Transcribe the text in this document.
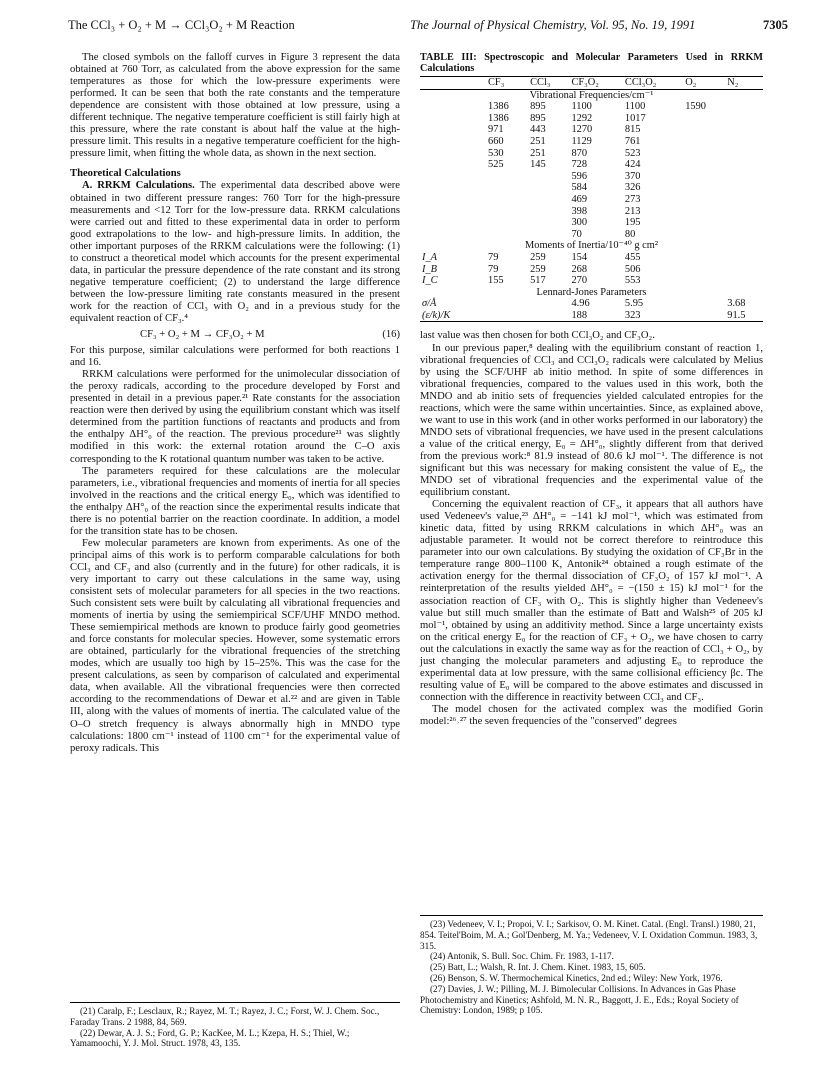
The CCl₃ + O₂ + M → CCl₃O₂ + M Reaction	The Journal of Physical Chemistry, Vol. 95, No. 19, 1991	7305

The closed symbols on the falloff curves in Figure 3 represent the data obtained at 760 Torr, as calculated from the above expression for the same temperatures as those for which the low-pressure experiments were performed. It can be seen that both the rate constants and the temperature dependence are consistent with those obtained at low pressure, using a different technique. The negative temperature coefficient is still fairly high at this pressure, where the rate constant is about half the value at the high-pressure limit. This results in a negative temperature coefficient for the high-pressure limit, when fitting the whole data, as shown in the next section.

Theoretical Calculations

A. RRKM Calculations. The experimental data described above were obtained in two different pressure ranges: 760 Torr for the high-pressure measurements and <12 Torr for the low-pressure data. RRKM calculations were carried out and fitted to these experimental data in order to perform good extrapolations to the low- and high-pressure limits. In addition, the other important purposes of the RRKM calculations were the following: (1) to construct a theoretical model which accounts for the present experimental data, in particular the pressure dependence of the rate constant and its strong negative temperature coefficient; (2) to understand the large difference between the low-pressure limiting rate constants measured in the present work for the reaction of CCl₃ with O₂ and in a previous study for the equivalent reaction of CF₃.⁴

CF₃ + O₂ + M → CF₃O₂ + M	(16)

For this purpose, similar calculations were performed for both reactions 1 and 16.

RRKM calculations were performed for the unimolecular dissociation of the peroxy radicals, according to the procedure developed by Forst and presented in detail in a previous paper.²¹ Rate constants for the association reaction were then derived by using the equilibrium constant which was itself determined from the partition functions of reactants and products and from the enthalpy ΔH°₀ of the reaction. The previous procedure²¹ was slightly modified in this work: the external rotation around the C–O axis corresponding to the K rotational quantum number was taken to be active.

The parameters required for these calculations are the molecular parameters, i.e., vibrational frequencies and moments of inertia for all species involved in the reactions and the critical energy E₀, which was identified to the enthalpy ΔH°₀ of the reaction since the experimental results indicate that there is no potential barrier on the reaction coordinate. In addition, a model for the transition state has to be chosen.

Few molecular parameters are known from experiments. As one of the principal aims of this work is to perform comparable calculations for both CCl₃ and CF₃ and also (currently and in the future) for other radicals, it is very important to carry out these calculations in the same way, using consistent sets of molecular parameters for all species in the two reactions. Such consistent sets were built by calculating all vibrational frequencies and moments of inertia by using the semiempirical SCF/UHF MNDO method. These semiempirical methods are known to produce fairly good geometries and force constants for molecular species. However, some systematic errors are obtained, particularly for the vibrational frequencies of the stretching modes, which are usually too high by 15–25%. This was the case for the present calculations, as seen by comparison of calculated and experimental data, when available. All the vibrational frequencies were then corrected according to the recommendations of Dewar et al.²² and are given in Table III, along with the values of moments of inertia. The calculated value of the O–O stretch frequency is always abnormally high in MNDO type calculations: 1800 cm⁻¹ instead of 1100 cm⁻¹ for the experimental value of peroxy radicals. This

(21) Caralp, F.; Lesclaux, R.; Rayez, M. T.; Rayez, J. C.; Forst, W. J. Chem. Soc., Faraday Trans. 2 1988, 84, 569.
(22) Dewar, A. J. S.; Ford, G. P.; KacKee, M. L.; Kzepa, H. S.; Thiel, W.; Yamamoochi, Y. J. Mol. Struct. 1978, 43, 135.
TABLE III: Spectroscopic and Molecular Parameters Used in RRKM Calculations
	CF₃	CCl₃	CF₃O₂	CCl₃O₂	O₂	N₂
Vibrational Frequencies/cm⁻¹						
	1386	895	1100	1100	1590	
	1386	895	1292	1017		
	971	443	1270	815		
	660	251	1129	761		
	530	251	870	523		
	525	145	728	424		
			596	370		
			584	326		
			469	273		
			398	213		
			300	195		
			70	80		
Moments of Inertia/10⁻⁴⁰ g cm²						
I_A	79	259	154	455		
I_B	79	259	268	506		
I_C	155	517	270	553		
Lennard-Jones Parameters						
σ/Å			4.96	5.95		3.68
(ε/k)/K			188	323		91.5

last value was then chosen for both CCl₃O₂ and CF₃O₂.

In our previous paper,⁸ dealing with the equilibrium constant of reaction 1, vibrational frequencies of CCl₃ and CCl₃O₂ radicals were calculated by Melius by using the SCF/UHF ab initio method. In spite of some differences in vibrational frequencies, compared to the values used in this work, both the MNDO and ab initio sets of frequencies yielded calculated entropies for the reactions, which were the same within uncertainties. Since, as explained above, we want to use in this work (and in other works performed in our laboratory) the MNDO sets of vibrational frequencies, we have used in the present calculations a value of the critical energy, E₀ = ΔH°₀, slightly different from that derived from the previous work:⁸ 81.9 instead of 80.6 kJ mol⁻¹. The difference is not significant but this was necessary for making consistent the value of E₀, the MNDO set of vibrational frequencies and the experimental value of the equilibrium constant.

Concerning the equivalent reaction of CF₃, it appears that all authors have used Vedeneev's value,²³ ΔH°₀ = −141 kJ mol⁻¹, which was estimated from kinetic data, fitted by using RRKM calculations in which ΔH°₀ was an adjustable parameter. It would not be correct therefore to reintroduce this parameter into our own calculations. By studying the oxidation of CF₃Br in the temperature range 800–1100 K, Antonik²⁴ obtained a rough estimate of the activation energy for the thermal dissociation of CF₃O₂ of 157 kJ mol⁻¹. A reinterpretation of the results yielded ΔH°₀ = −(150 ± 15) kJ mol⁻¹ for the association reaction of CF₃ with O₂. This is slightly higher than Vedeneev's value but still much smaller than the estimate of Batt and Walsh²⁵ of 205 kJ mol⁻¹, obtained by using an additivity method. Since a large uncertainty exists on the critical energy E₀ for the reaction of CF₃ + O₂, we have chosen to carry out the calculations in exactly the same way as for the reaction of CCl₃ + O₂, by just changing the molecular parameters and adjusting E₀ to reproduce the experimental data at low pressure, with the same collisional efficiency βc. The resulting value of E₀ will be compared to the above estimates and discussed in connection with the difference in reactivity between CCl₃ and CF₃.

The model chosen for the activated complex was the modified Gorin model:²⁶˒²⁷ the seven frequencies of the "conserved" degrees

(23) Vedeneev, V. I.; Propoi, V. I.; Sarkisov, O. M. Kinet. Catal. (Engl. Transl.) 1980, 21, 854. Teitel'Boim, M. A.; Gol'Denberg, M. Ya.; Vedeneev, V. I. Oxidation Commun. 1983, 3, 315.
(24) Antonik, S. Bull. Soc. Chim. Fr. 1983, 1-117.
(25) Batt, L.; Walsh, R. Int. J. Chem. Kinet. 1983, 15, 605.
(26) Benson, S. W. Thermochemical Kinetics, 2nd ed.; Wiley: New York, 1976.
(27) Davies, J. W.; Pilling, M. J. Bimolecular Collisions. In Advances in Gas Phase Photochemistry and Kinetics; Ashfold, M. N. R., Baggott, J. E., Eds.; Royal Society of Chemistry: London, 1989; p 105.
